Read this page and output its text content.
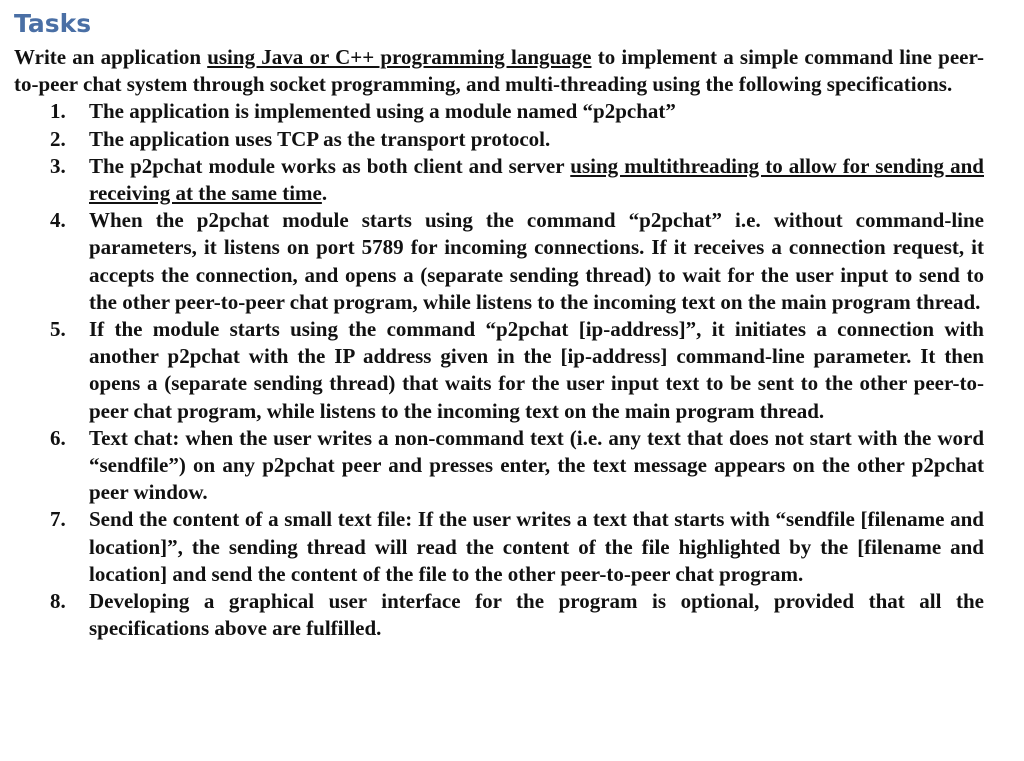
Tasks

Write an application using Java or C++ programming language to implement a simple command line peer-to-peer chat system through socket programming, and multi-threading using the following specifications.

1. The application is implemented using a module named “p2pchat”
2. The application uses TCP as the transport protocol.
3. The p2pchat module works as both client and server using multithreading to allow for sending and receiving at the same time.
4. When the p2pchat module starts using the command “p2pchat” i.e. without command-line parameters, it listens on port 5789 for incoming connections. If it receives a connection request, it accepts the connection, and opens a (separate sending thread) to wait for the user input to send to the other peer-to-peer chat program, while listens to the incoming text on the main program thread.
5. If the module starts using the command “p2pchat [ip-address]”, it initiates a connection with another p2pchat with the IP address given in the [ip-address] command-line parameter. It then opens a (separate sending thread) that waits for the user input text to be sent to the other peer-to-peer chat program, while listens to the incoming text on the main program thread.
6. Text chat: when the user writes a non-command text (i.e. any text that does not start with the word “sendfile”) on any p2pchat peer and presses enter, the text message appears on the other p2pchat peer window.
7. Send the content of a small text file: If the user writes a text that starts with “sendfile [filename and location]”, the sending thread will read the content of the file highlighted by the [filename and location] and send the content of the file to the other peer-to-peer chat program.
8. Developing a graphical user interface for the program is optional, provided that all the specifications above are fulfilled.
